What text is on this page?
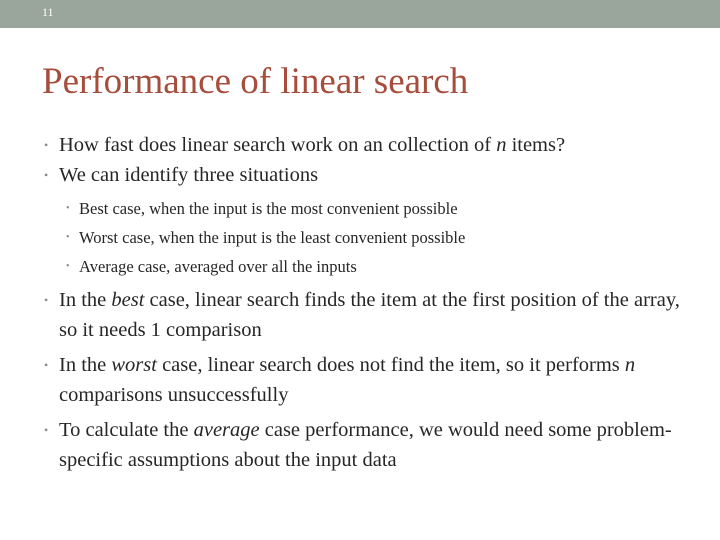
11
Performance of linear search
• How fast does linear search work on an collection of n items?
• We can identify three situations
• Best case, when the input is the most convenient possible
• Worst case, when the input is the least convenient possible
• Average case, averaged over all the inputs
• In the best case, linear search finds the item at the first position of the array, so it needs 1 comparison
• In the worst case, linear search does not find the item, so it performs n comparisons unsuccessfully
• To calculate the average case performance, we would need some problem-specific assumptions about the input data
